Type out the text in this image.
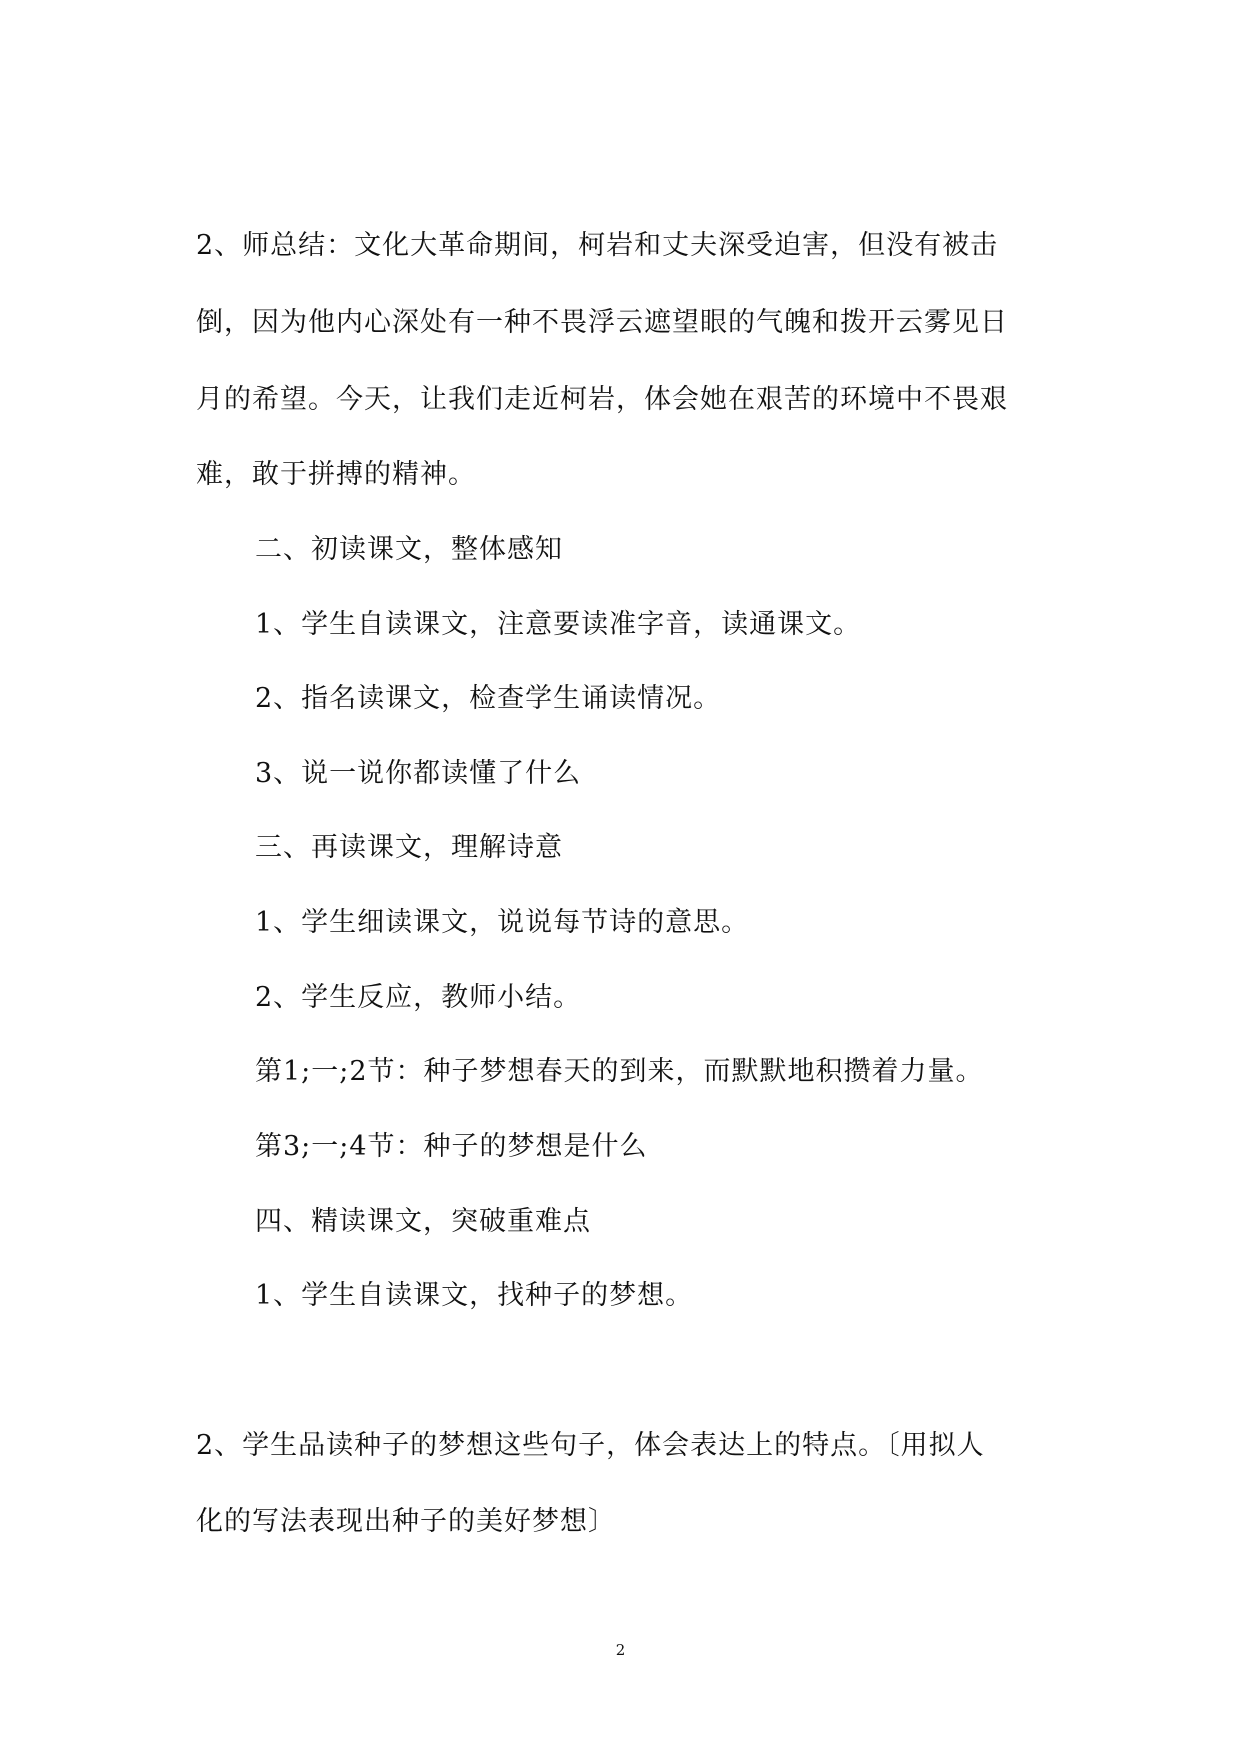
2、师总结：文化大革命期间，柯岩和丈夫深受迫害，但没有被击
倒，因为他内心深处有一种不畏浮云遮望眼的气魄和拨开云雾见日
月的希望。今天，让我们走近柯岩，体会她在艰苦的环境中不畏艰
难，敢于拼搏的精神。
二、初读课文，整体感知
1、学生自读课文，注意要读准字音，读通课文。
2、指名读课文，检查学生诵读情况。
3、说一说你都读懂了什么
三、再读课文，理解诗意
1、学生细读课文，说说每节诗的意思。
2、学生反应，教师小结。
第1;一;2节：种子梦想春天的到来，而默默地积攒着力量。
第3;一;4节：种子的梦想是什么
四、精读课文，突破重难点
1、学生自读课文，找种子的梦想。
2、学生品读种子的梦想这些句子，体会表达上的特点。〔用拟人
化的写法表现出种子的美好梦想〕
2
